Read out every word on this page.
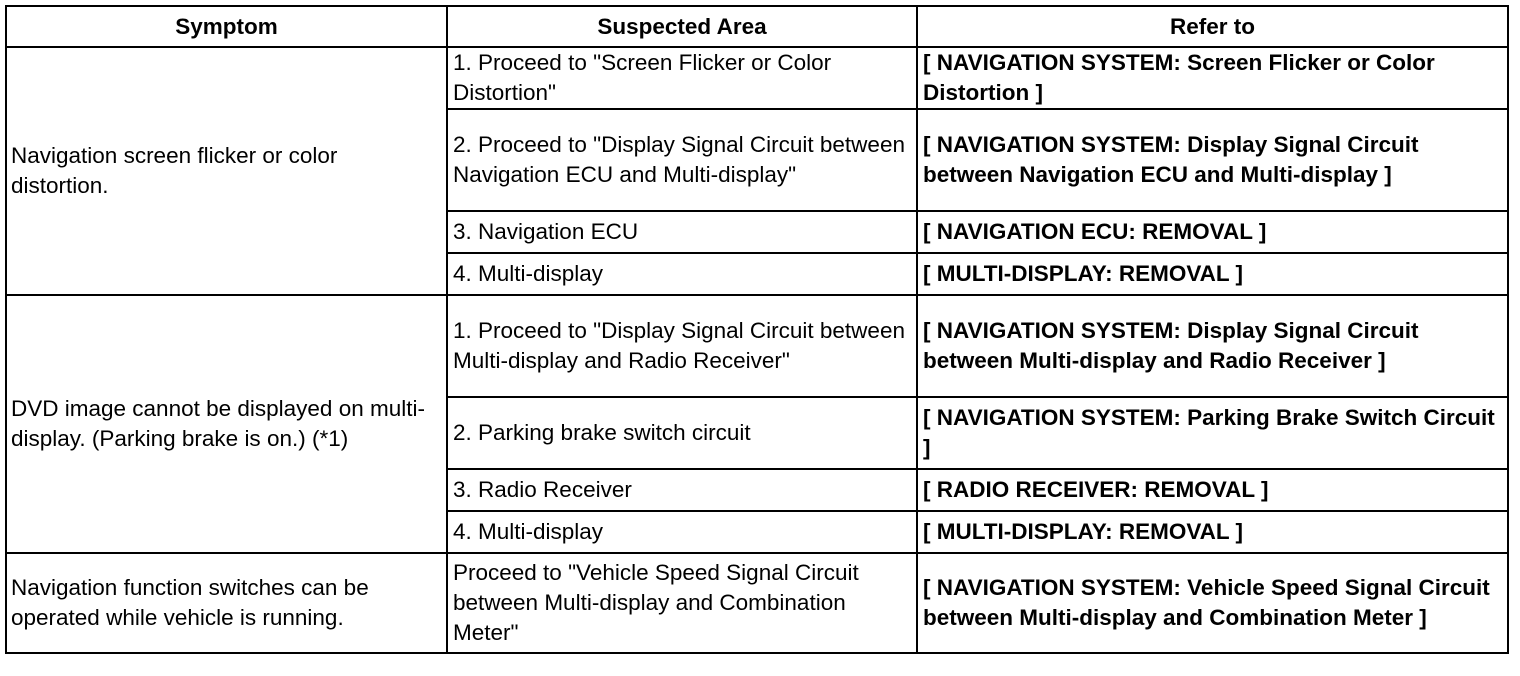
Symptom	Suspected Area	Refer to
Navigation screen flicker or color distortion.	1. Proceed to "Screen Flicker or Color Distortion"	[ NAVIGATION SYSTEM: Screen Flicker or Color Distortion ]
	2. Proceed to "Display Signal Circuit between Navigation ECU and Multi-display"	[ NAVIGATION SYSTEM: Display Signal Circuit between Navigation ECU and Multi-display ]
	3. Navigation ECU	[ NAVIGATION ECU: REMOVAL ]
	4. Multi-display	[ MULTI-DISPLAY: REMOVAL ]
DVD image cannot be displayed on multi-display. (Parking brake is on.) (*1)	1. Proceed to "Display Signal Circuit between Multi-display and Radio Receiver"	[ NAVIGATION SYSTEM: Display Signal Circuit between Multi-display and Radio Receiver ]
	2. Parking brake switch circuit	[ NAVIGATION SYSTEM: Parking Brake Switch Circuit ]
	3. Radio Receiver	[ RADIO RECEIVER: REMOVAL ]
	4. Multi-display	[ MULTI-DISPLAY: REMOVAL ]
Navigation function switches can be operated while vehicle is running.	Proceed to "Vehicle Speed Signal Circuit between Multi-display and Combination Meter"	[ NAVIGATION SYSTEM: Vehicle Speed Signal Circuit between Multi-display and Combination Meter ]
